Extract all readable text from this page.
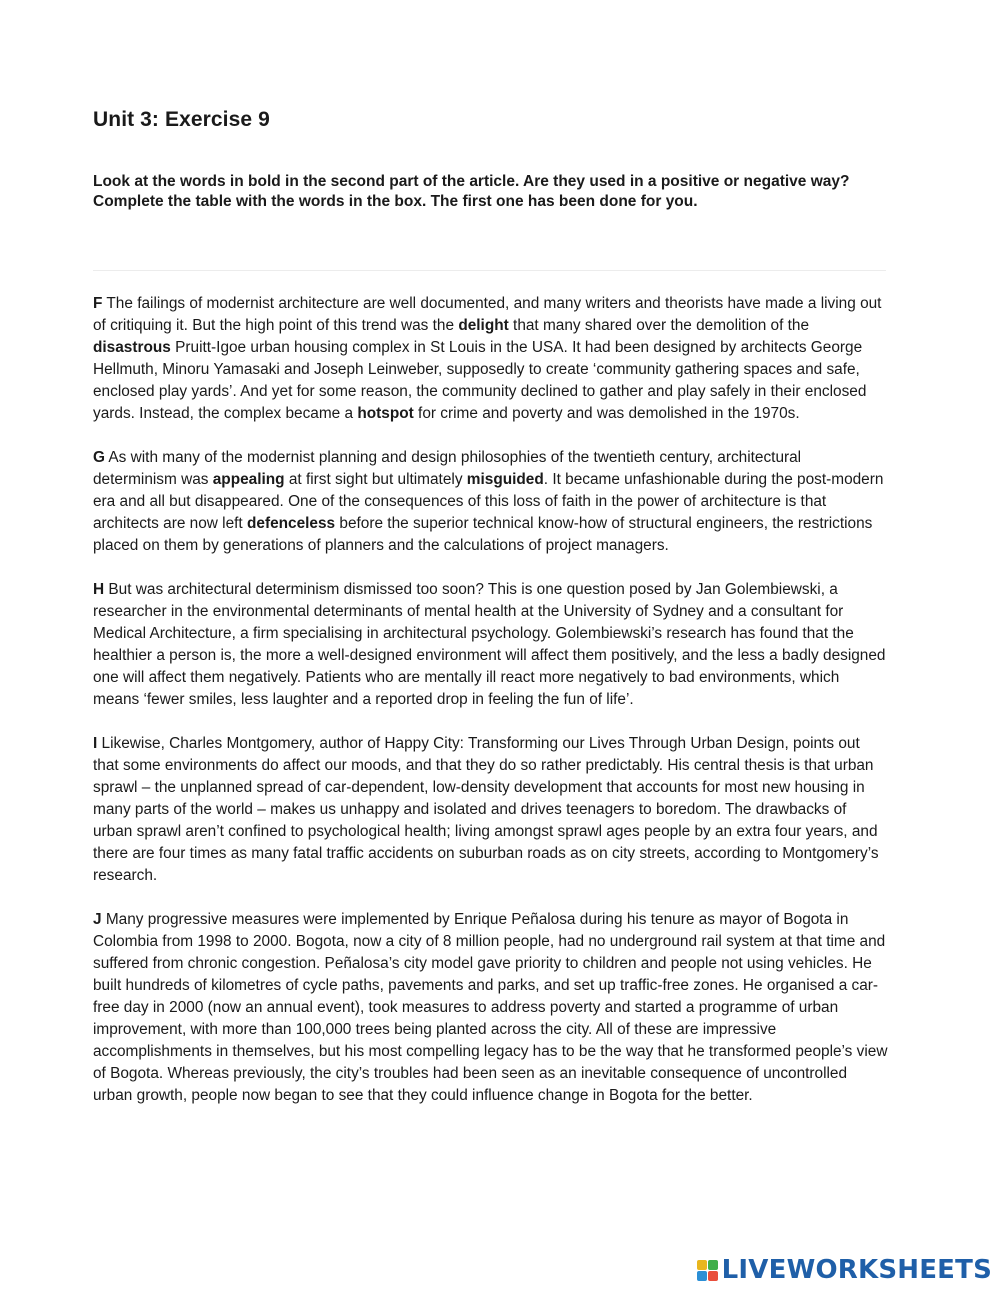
Unit 3: Exercise 9

Look at the words in bold in the second part of the article. Are they used in a positive or negative way? Complete the table with the words in the box. The first one has been done for you.

F The failings of modernist architecture are well documented, and many writers and theorists have made a living out of critiquing it. But the high point of this trend was the delight that many shared over the demolition of the disastrous Pruitt-Igoe urban housing complex in St Louis in the USA. It had been designed by architects George Hellmuth, Minoru Yamasaki and Joseph Leinweber, supposedly to create ‘community gathering spaces and safe, enclosed play yards’. And yet for some reason, the community declined to gather and play safely in their enclosed yards. Instead, the complex became a hotspot for crime and poverty and was demolished in the 1970s.

G As with many of the modernist planning and design philosophies of the twentieth century, architectural determinism was appealing at first sight but ultimately misguided. It became unfashionable during the post-modern era and all but disappeared. One of the consequences of this loss of faith in the power of architecture is that architects are now left defenceless before the superior technical know-how of structural engineers, the restrictions placed on them by generations of planners and the calculations of project managers.

H But was architectural determinism dismissed too soon? This is one question posed by Jan Golembiewski, a researcher in the environmental determinants of mental health at the University of Sydney and a consultant for Medical Architecture, a firm specialising in architectural psychology. Golembiewski’s research has found that the healthier a person is, the more a well-designed environment will affect them positively, and the less a badly designed one will affect them negatively. Patients who are mentally ill react more negatively to bad environments, which means ‘fewer smiles, less laughter and a reported drop in feeling the fun of life’.

I Likewise, Charles Montgomery, author of Happy City: Transforming our Lives Through Urban Design, points out that some environments do affect our moods, and that they do so rather predictably. His central thesis is that urban sprawl – the unplanned spread of car-dependent, low-density development that accounts for most new housing in many parts of the world – makes us unhappy and isolated and drives teenagers to boredom. The drawbacks of urban sprawl aren’t confined to psychological health; living amongst sprawl ages people by an extra four years, and there are four times as many fatal traffic accidents on suburban roads as on city streets, according to Montgomery’s research.

J Many progressive measures were implemented by Enrique Peñalosa during his tenure as mayor of Bogota in Colombia from 1998 to 2000. Bogota, now a city of 8 million people, had no underground rail system at that time and suffered from chronic congestion. Peñalosa’s city model gave priority to children and people not using vehicles. He built hundreds of kilometres of cycle paths, pavements and parks, and set up traffic-free zones. He organised a car-free day in 2000 (now an annual event), took measures to address poverty and started a programme of urban improvement, with more than 100,000 trees being planted across the city. All of these are impressive accomplishments in themselves, but his most compelling legacy has to be the way that he transformed people’s view of Bogota. Whereas previously, the city’s troubles had been seen as an inevitable consequence of uncontrolled urban growth, people now began to see that they could influence change in Bogota for the better.

LIVEWORKSHEETS
